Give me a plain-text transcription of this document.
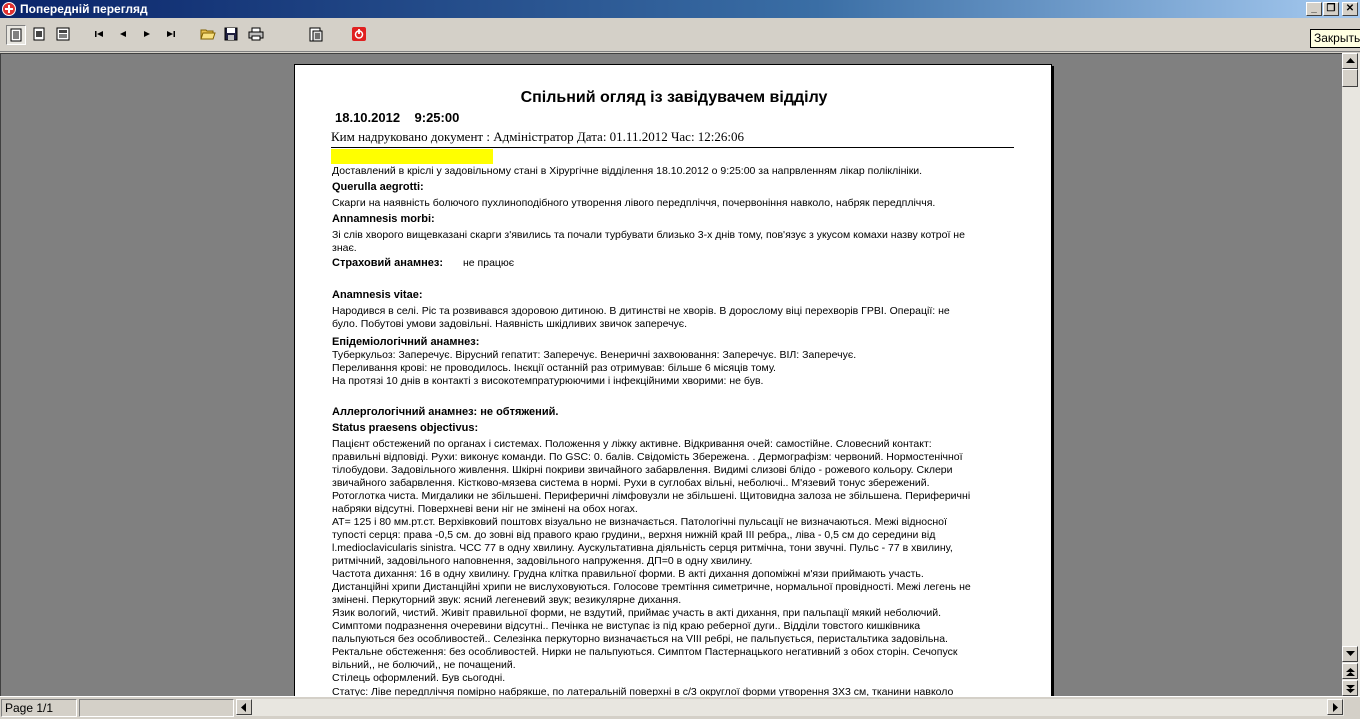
Попередній перегляд	_ ❐	✕
Закрыть
Спільний огляд із завідувачем відділу
18.10.2012    9:25:00
Ким надруковано документ : Адміністратор Дата: 01.11.2012 Час: 12:26:06
Доставлений в кріслі у задовільному стані в Хірургічне відділення 18.10.2012 о 9:25:00 за напрвленням лікар поліклініки.
Querulla aegrotti:
Скарги на наявність болючого пухлиноподібного утворення лівого передпліччя, почервоніння навколо, набряк передпліччя.
Annamnesis morbi:
Зі слів хворого вищевказані скарги з'явились та почали турбувати близько 3-х днів тому, пов'язує з укусом комахи назву котрої не
знає.
Страховий анамнез: не працює
Anamnesis vitae:
Народився в селі. Ріс та розвивався здоровою дитиною. В дитинстві не хворів. В дорослому віці перехворів ГРВІ. Операції: не
було. Побутові умови задовільні. Наявність шкідливих звичок заперечує.
Епідеміологічний анамнез:
Туберкульоз: Заперечує. Вірусний гепатит: Заперечує. Венеричні захвоювання: Заперечує. ВІЛ: Заперечує.
Переливання крові: не проводилось. Інєкції останній раз отримував: більше 6 місяців тому.
На протязі 10 днів в контакті з високотемпратурюючими і інфекційними хворими: не був.
Аллергологічний анамнез: не обтяжений.
Status praesens objectivus:
Пацієнт обстежений по органах і системах. Положення у ліжку активне. Відкривання очей: самостійне. Словесний контакт:
правильні відповіді. Рухи: виконує команди. По GSC: 0. балів. Свідомість Збережена. . Дермографізм: червоний. Нормостенічної
тілобудови. Задовільного живлення. Шкірні покриви звичайного забарвлення. Видимі слизові блідо - рожевого кольору. Склери
звичайного забарвлення. Кістково-мязева система в нормі. Рухи в суглобах вільні, неболючі.. М'язевий тонус збережений.
Ротоглотка чиста. Мигдалики не збільшені. Периферичні лімфовузли не збільшені. Щитовидна залоза не збільшена. Периферичні
набряки відсутні. Поверхневі вени ніг не змінені на обох ногах.
АТ= 125 і 80 мм.рт.ст. Верхівковий поштовх візуально не визначається. Патологічні пульсації не визначаються. Межі відносної
тупості серця: права -0,5 см. до зовні від правого краю грудини,, верхня нижній край ІІІ ребра,, ліва - 0,5 см до середини від
l.medioclavicularis sinistra. ЧСС 77 в одну хвилину. Аускультативна діяльність серця ритмічна, тони звучні. Пульс - 77 в хвилину,
ритмічний, задовільного наповнення, задовільного напруження. ДП=0 в одну хвилину.
Частота дихання: 16 в одну хвилину. Грудна клітка правильної форми. В акті дихання допоміжні м'язи приймають участь.
Дистанційні хрипи Дистанційні хрипи не вислуховуються. Голосове тремтіння симетричне, нормальної провідності. Межі легень не
змінені. Перкуторний звук: ясний легеневий звук; везикулярне дихання.
Язик вологий, чистий. Живіт правильної форми, не вздутий, приймає участь в акті дихання, при пальпації мякий неболючий.
Симптоми подразнення очеревини відсутні.. Печінка не виступає із під краю реберної дуги.. Відділи товстого кишківника
пальпуються без особливостей.. Селезінка перкуторно визначається на VIII ребрі, не пальпується, перистальтика задовільна.
Ректальне обстеження: без особливостей. Нирки не пальпуються. Симптом Пастернацького негативний з обох сторін. Сечопуск
вільний,, не болючий,, не почащений.
Стілець оформлений. Був сьогодні.
Статус: Ліве передпліччя помірно набрякше, по латеральній поверхні в с/3 округлої форми утворення 3Х3 см, тканини навколо
Page 1/1
